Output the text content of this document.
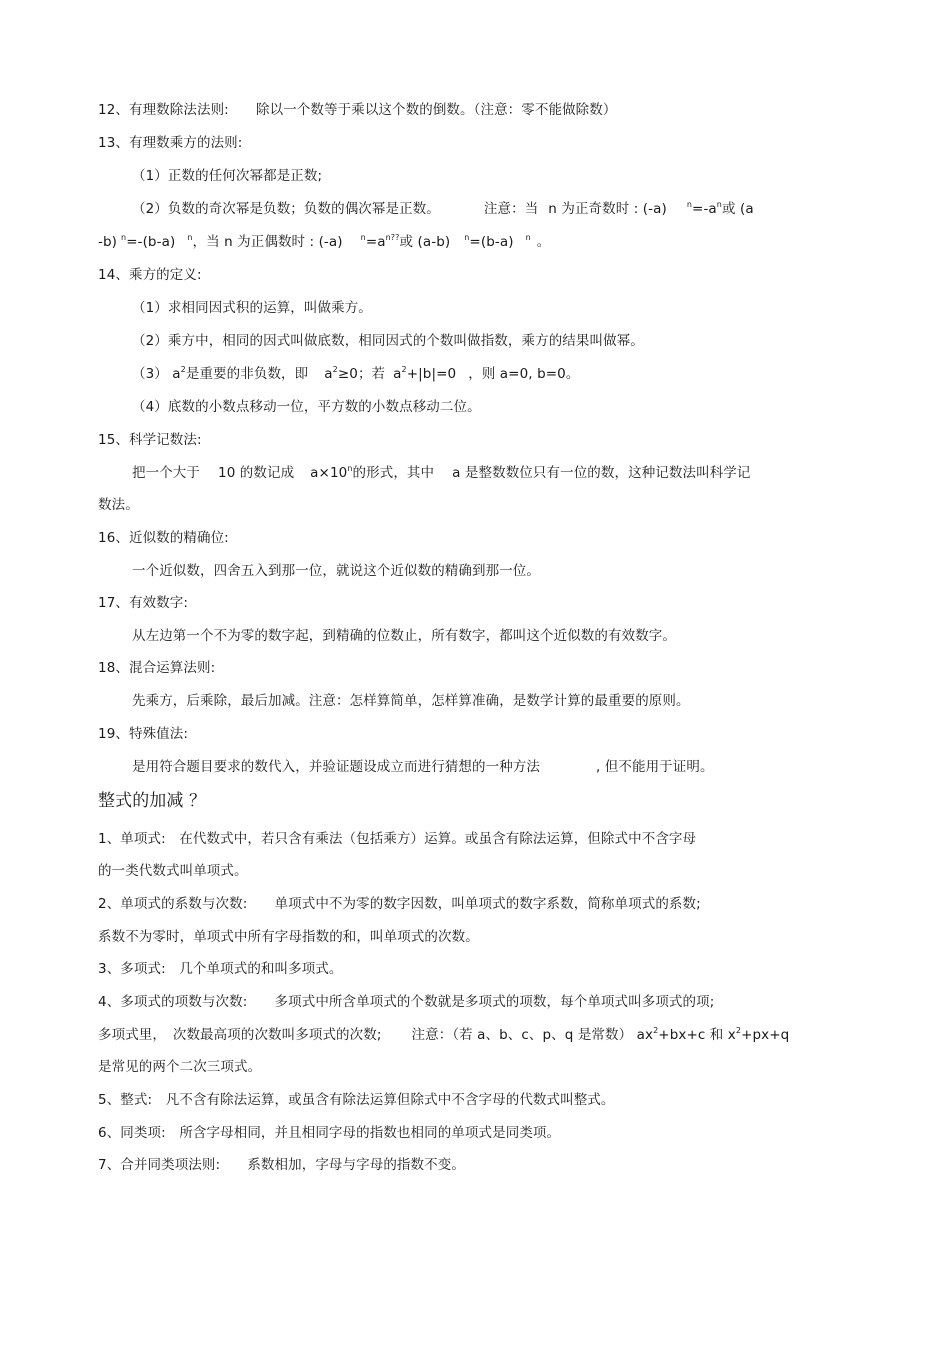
12、有理数除法法则:　　除以一个数等于乘以这个数的倒数。（注意：零不能做除数）
13、有理数乘方的法则:
（1）正数的任何次幂都是正数;
（2）负数的奇次幂是负数；负数的偶次幂是正数。	注意：当 n 为正奇数时 : (-a)	$^n=-a^n$或 (a
-b) $^n$=-(b-a) $^n$，当 n 为正偶数时 : (-a) $^n=a^{n??}$或 (a-b) $^n$=(b-a) $^n$ 。
14、乘方的定义:
（1）求相同因式积的运算，叫做乘方。
（2）乘方中，相同的因式叫做底数，相同因式的个数叫做指数，乘方的结果叫做幂。
（3） $a^2$是重要的非负数，即 $a^2\ge 0$；若 $a^2+|b|=0$ ，则 a=0, b=0。
（4）底数的小数点移动一位，平方数的小数点移动二位。
15、科学记数法:
把一个大于 10 的数记成 $a\times 10^n$的形式，其中 a 是整数数位只有一位的数，这种记数法叫科学记
数法。
16、近似数的精确位:
一个近似数，四舍五入到那一位，就说这个近似数的精确到那一位。
17、有效数字:
从左边第一个不为零的数字起，到精确的位数止，所有数字，都叫这个近似数的有效数字。
18、混合运算法则:
先乘方，后乘除，最后加减。注意：怎样算简单，怎样算准确，是数学计算的最重要的原则。
19、特殊值法:
是用符合题目要求的数代入，并验证题设成立而进行猜想的一种方法	, 但不能用于证明。
整式的加减 ？
1、单项式:　在代数式中，若只含有乘法（包括乘方）运算。或虽含有除法运算，但除式中不含字母
的一类代数式叫单项式。
2、单项式的系数与次数:　　单项式中不为零的数字因数，叫单项式的数字系数，简称单项式的系数;
系数不为零时，单项式中所有字母指数的和，叫单项式的次数。
3、多项式:　几个单项式的和叫多项式。
4、多项式的项数与次数:　　多项式中所含单项式的个数就是多项式的项数，每个单项式叫多项式的项;
多项式里，　次数最高项的次数叫多项式的次数; 注意：（若 a、b、c、p、q 是常数） $ax^2+bx+c$ 和 $x^2+px+q$
是常见的两个二次三项式。
5、整式:　凡不含有除法运算，或虽含有除法运算但除式中不含字母的代数式叫整式。
6、同类项:　所含字母相同，并且相同字母的指数也相同的单项式是同类项。
7、合并同类项法则:　　系数相加，字母与字母的指数不变。
